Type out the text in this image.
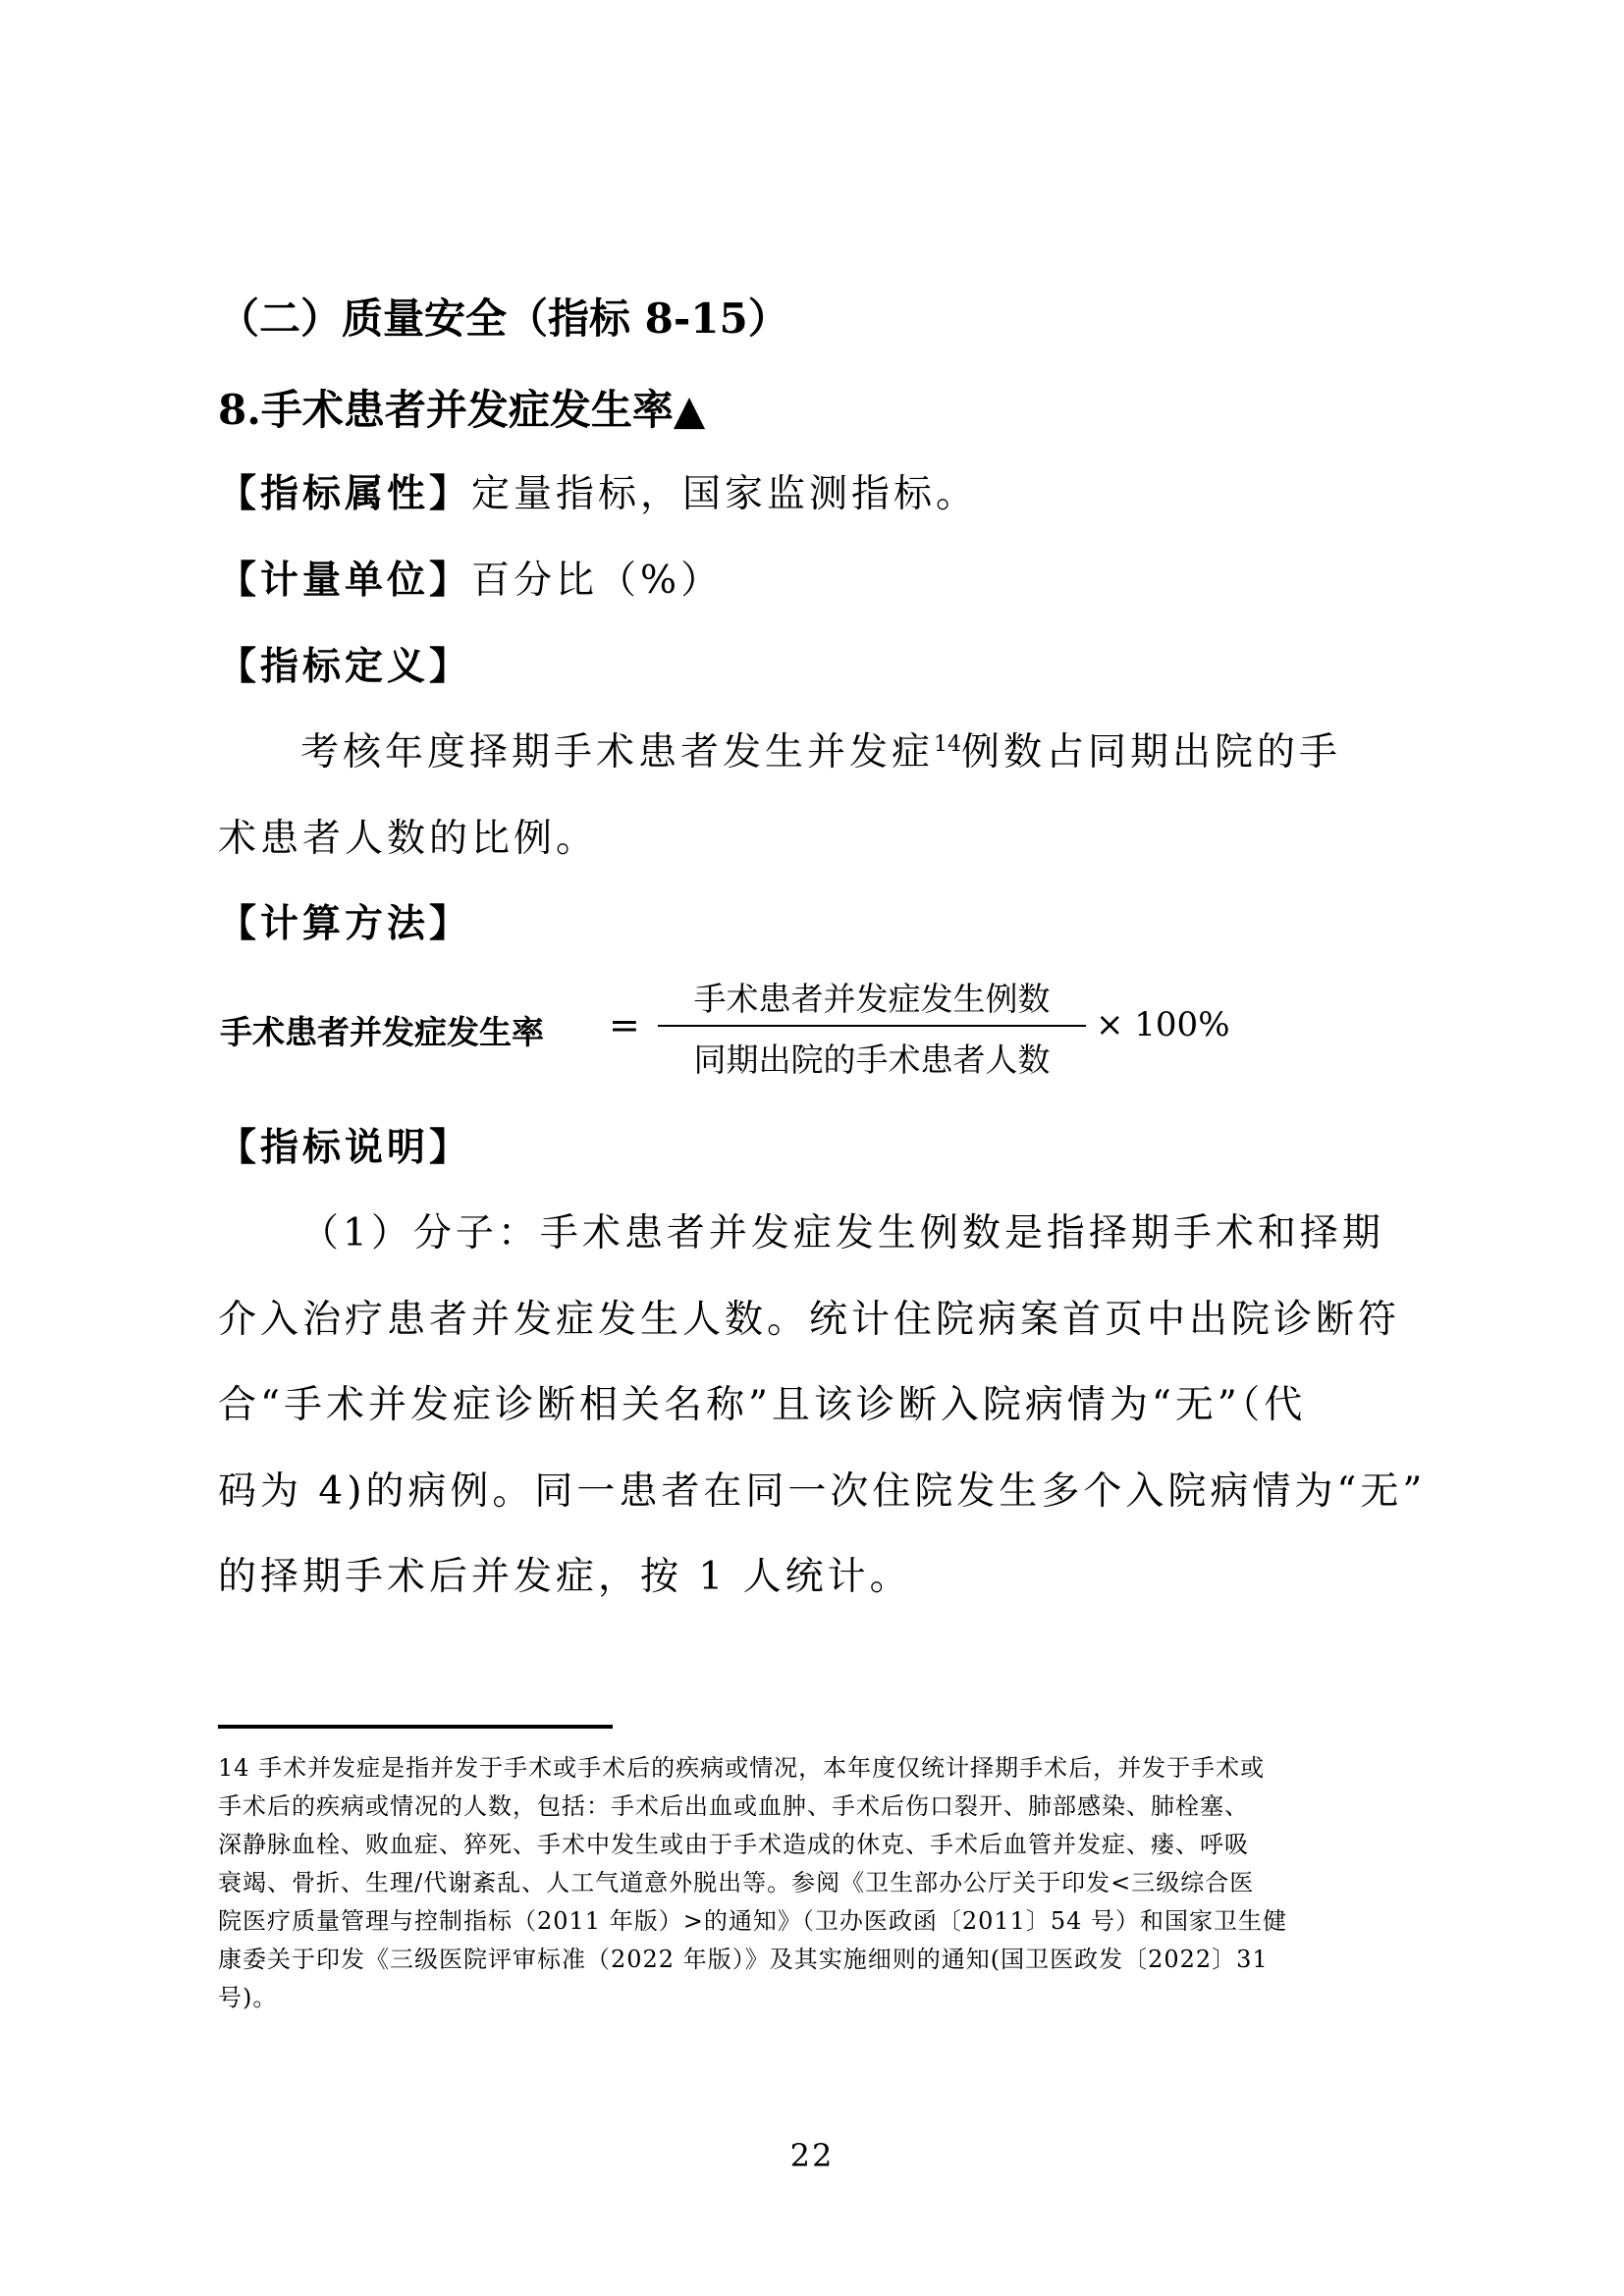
（二）质量安全（指标 8-15）
8.手术患者并发症发生率▲
【指标属性】定量指标，国家监测指标。
【计量单位】百分比（%）
【指标定义】
考核年度择期手术患者发生并发症$^{14}$例数占同期出院的手
术患者人数的比例。
【计算方法】
手术患者并发症发生率 =
手术患者并发症发生例数
同期出院的手术患者人数
× 100%
【指标说明】
（1）分子：手术患者并发症发生例数是指择期手术和择期
介入治疗患者并发症发生人数。统计住院病案首页中出院诊断符
合“手术并发症诊断相关名称”且该诊断入院病情为“无”（代
码为 4)的病例。同一患者在同一次住院发生多个入院病情为“无”
的择期手术后并发症，按 1 人统计。
14 手术并发症是指并发于手术或手术后的疾病或情况，本年度仅统计择期手术后，并发于手术或
手术后的疾病或情况的人数，包括：手术后出血或血肿、手术后伤口裂开、肺部感染、肺栓塞、
深静脉血栓、败血症、猝死、手术中发生或由于手术造成的休克、手术后血管并发症、瘘、呼吸
衰竭、骨折、生理/代谢紊乱、人工气道意外脱出等。参阅《卫生部办公厅关于印发<三级综合医
院医疗质量管理与控制指标（2011 年版）>的通知》（卫办医政函〔2011〕54 号）和国家卫生健
康委关于印发《三级医院评审标准（2022 年版）》及其实施细则的通知(国卫医政发〔2022〕31
号)。
22
